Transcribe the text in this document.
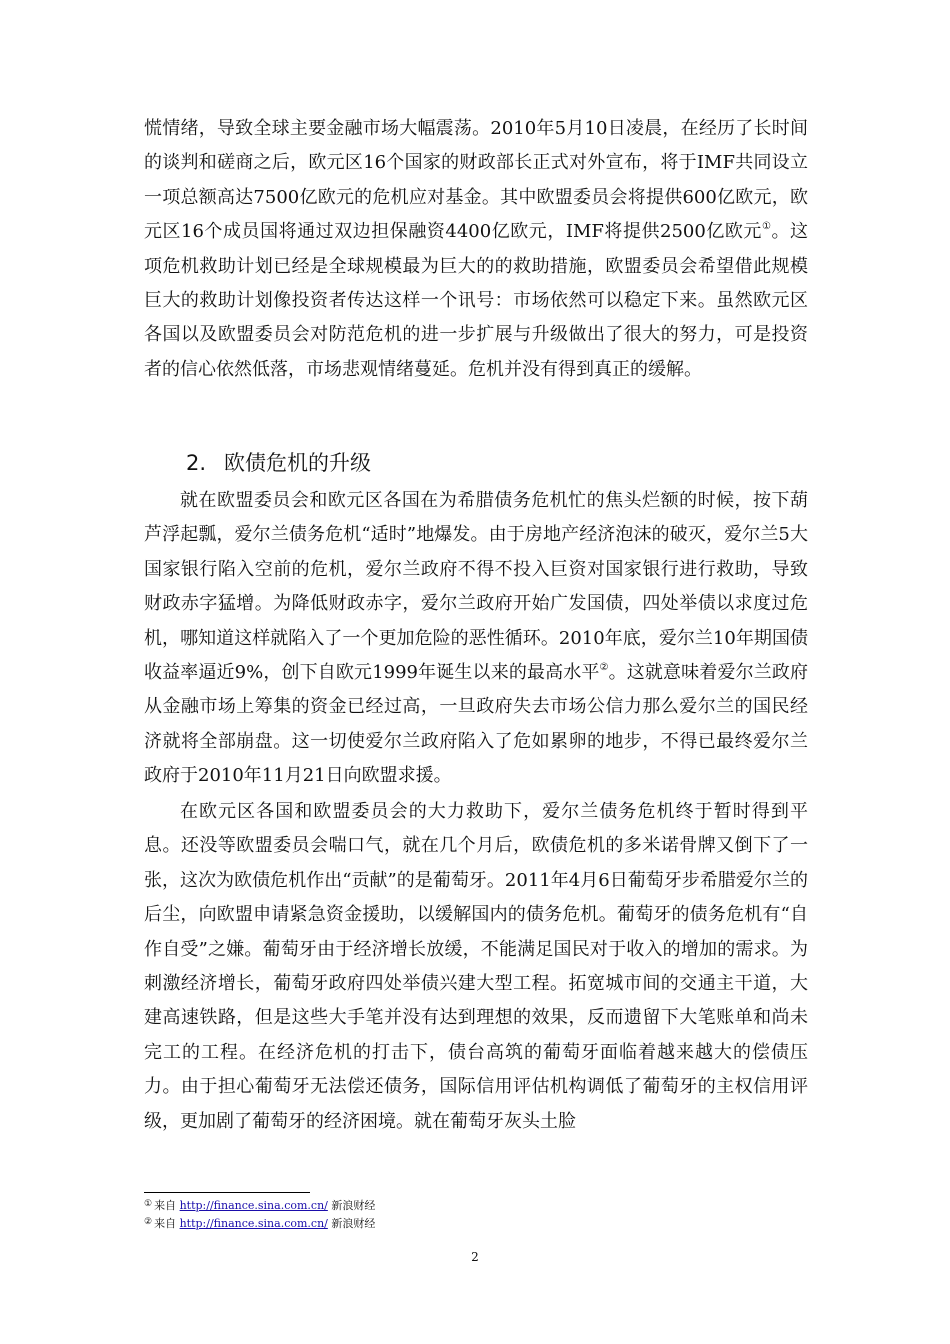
慌情绪，导致全球主要金融市场大幅震荡。2010年5月10日凌晨，在经历了长时间的谈判和磋商之后，欧元区16个国家的财政部长正式对外宣布，将于IMF共同设立一项总额高达7500亿欧元的危机应对基金。其中欧盟委员会将提供600亿欧元，欧元区16个成员国将通过双边担保融资4400亿欧元，IMF将提供2500亿欧元①。这项危机救助计划已经是全球规模最为巨大的的救助措施，欧盟委员会希望借此规模巨大的救助计划像投资者传达这样一个讯号：市场依然可以稳定下来。虽然欧元区各国以及欧盟委员会对防范危机的进一步扩展与升级做出了很大的努力，可是投资者的信心依然低落，市场悲观情绪蔓延。危机并没有得到真正的缓解。

2. 欧债危机的升级

就在欧盟委员会和欧元区各国在为希腊债务危机忙的焦头烂额的时候，按下葫芦浮起瓢，爱尔兰债务危机“适时”地爆发。由于房地产经济泡沫的破灭，爱尔兰5大国家银行陷入空前的危机，爱尔兰政府不得不投入巨资对国家银行进行救助，导致财政赤字猛增。为降低财政赤字，爱尔兰政府开始广发国债，四处举债以求度过危机，哪知道这样就陷入了一个更加危险的恶性循环。2010年底，爱尔兰10年期国债收益率逼近9%，创下自欧元1999年诞生以来的最高水平②。这就意味着爱尔兰政府从金融市场上筹集的资金已经过高，一旦政府失去市场公信力那么爱尔兰的国民经济就将全部崩盘。这一切使爱尔兰政府陷入了危如累卵的地步，不得已最终爱尔兰政府于2010年11月21日向欧盟求援。

在欧元区各国和欧盟委员会的大力救助下，爱尔兰债务危机终于暂时得到平息。还没等欧盟委员会喘口气，就在几个月后，欧债危机的多米诺骨牌又倒下了一张，这次为欧债危机作出“贡献”的是葡萄牙。2011年4月6日葡萄牙步希腊爱尔兰的后尘，向欧盟申请紧急资金援助，以缓解国内的债务危机。葡萄牙的债务危机有“自作自受”之嫌。葡萄牙由于经济增长放缓，不能满足国民对于收入的增加的需求。为刺激经济增长，葡萄牙政府四处举债兴建大型工程。拓宽城市间的交通主干道，大建高速铁路，但是这些大手笔并没有达到理想的效果，反而遗留下大笔账单和尚未完工的工程。在经济危机的打击下，债台高筑的葡萄牙面临着越来越大的偿债压力。由于担心葡萄牙无法偿还债务，国际信用评估机构调低了葡萄牙的主权信用评级，更加剧了葡萄牙的经济困境。就在葡萄牙灰头土脸

① 来自 http://finance.sina.com.cn/ 新浪财经
② 来自 http://finance.sina.com.cn/ 新浪财经
2
